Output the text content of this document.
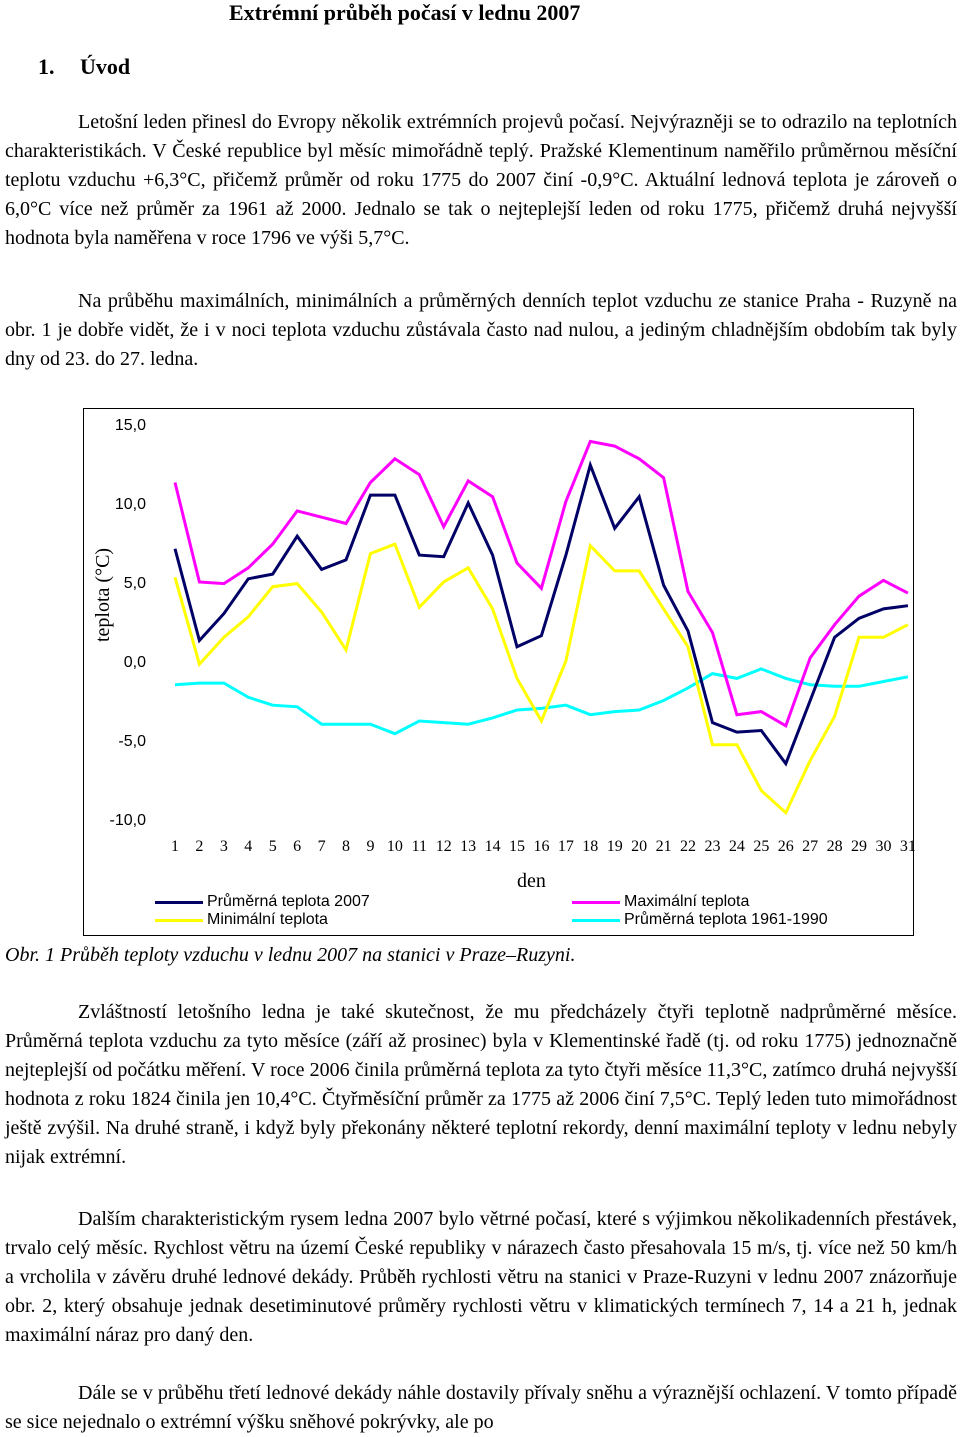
Extrémní průběh počasí v lednu 2007
1. Úvod

Letošní leden přinesl do Evropy několik extrémních projevů počasí. Nejvýrazněji se to odrazilo na teplotních charakteristikách. V České republice byl měsíc mimořádně teplý. Pražské Klementinum naměřilo průměrnou měsíční teplotu vzduchu +6,3°C, přičemž průměr od roku 1775 do 2007 činí -0,9°C. Aktuální lednová teplota je zároveň o 6,0°C více než průměr za 1961 až 2000. Jednalo se tak o nejteplejší leden od roku 1775, přičemž druhá nejvyšší hodnota byla naměřena v roce 1796 ve výši 5,7°C.

Na průběhu maximálních, minimálních a průměrných denních teplot vzduchu ze stanice Praha - Ruzyně na obr. 1 je dobře vidět, že i v noci teplota vzduchu zůstávala často nad nulou, a jediným chladnějším obdobím tak byly dny od 23. do 27. ledna.

15,0
10,0
5,0
0,0
-5,0
-10,0
1 2 3 4 5 6 7 8 9 10 11 12 13 14 15 16 17 18 19 20 21 22 23 24 25 26 27 28 29 30 31
teplota (°C)
den
Průměrná teplota 2007
Minimální teplota
Maximální teplota
Průměrná teplota 1961-1990
Obr. 1 Průběh teploty vzduchu v lednu 2007 na stanici v Praze–Ruzyni.

Zvláštností letošního ledna je také skutečnost, že mu předcházely čtyři teplotně nadprůměrné měsíce. Průměrná teplota vzduchu za tyto měsíce (září až prosinec) byla v Klementinské řadě (tj. od roku 1775) jednoznačně nejteplejší od počátku měření. V roce 2006 činila průměrná teplota za tyto čtyři měsíce 11,3°C, zatímco druhá nejvyšší hodnota z roku 1824 činila jen 10,4°C. Čtyřměsíční průměr za 1775 až 2006 činí 7,5°C. Teplý leden tuto mimořádnost ještě zvýšil. Na druhé straně, i když byly překonány některé teplotní rekordy, denní maximální teploty v lednu nebyly nijak extrémní.

Dalším charakteristickým rysem ledna 2007 bylo větrné počasí, které s výjimkou několikadenních přestávek, trvalo celý měsíc. Rychlost větru na území České republiky v nárazech často přesahovala 15 m/s, tj. více než 50 km/h a vrcholila v závěru druhé lednové dekády. Průběh rychlosti větru na stanici v Praze-Ruzyni v lednu 2007 znázorňuje obr. 2, který obsahuje jednak desetiminutové průměry rychlosti větru v klimatických termínech 7, 14 a 21 h, jednak maximální náraz pro daný den.

Dále se v průběhu třetí lednové dekády náhle dostavily přívaly sněhu a výraznější ochlazení. V tomto případě se sice nejednalo o extrémní výšku sněhové pokrývky, ale po
